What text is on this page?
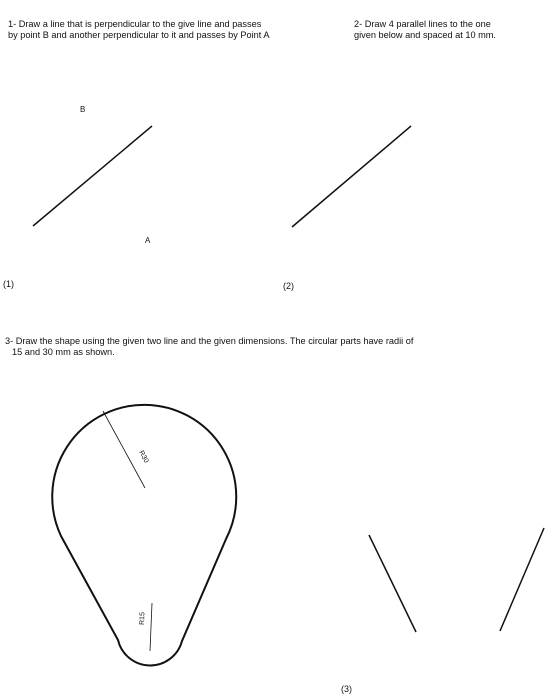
1- Draw a line that is perpendicular to the give line and passes
by point B and another perpendicular to it and passes by Point A
2- Draw 4 parallel lines to the one
given below and spaced at 10 mm.
B
A
(1)	(2)
3- Draw the shape using the given two line and the given dimensions. The circular parts have radii of
15 and 30 mm as shown.
(3)
R30
R15
